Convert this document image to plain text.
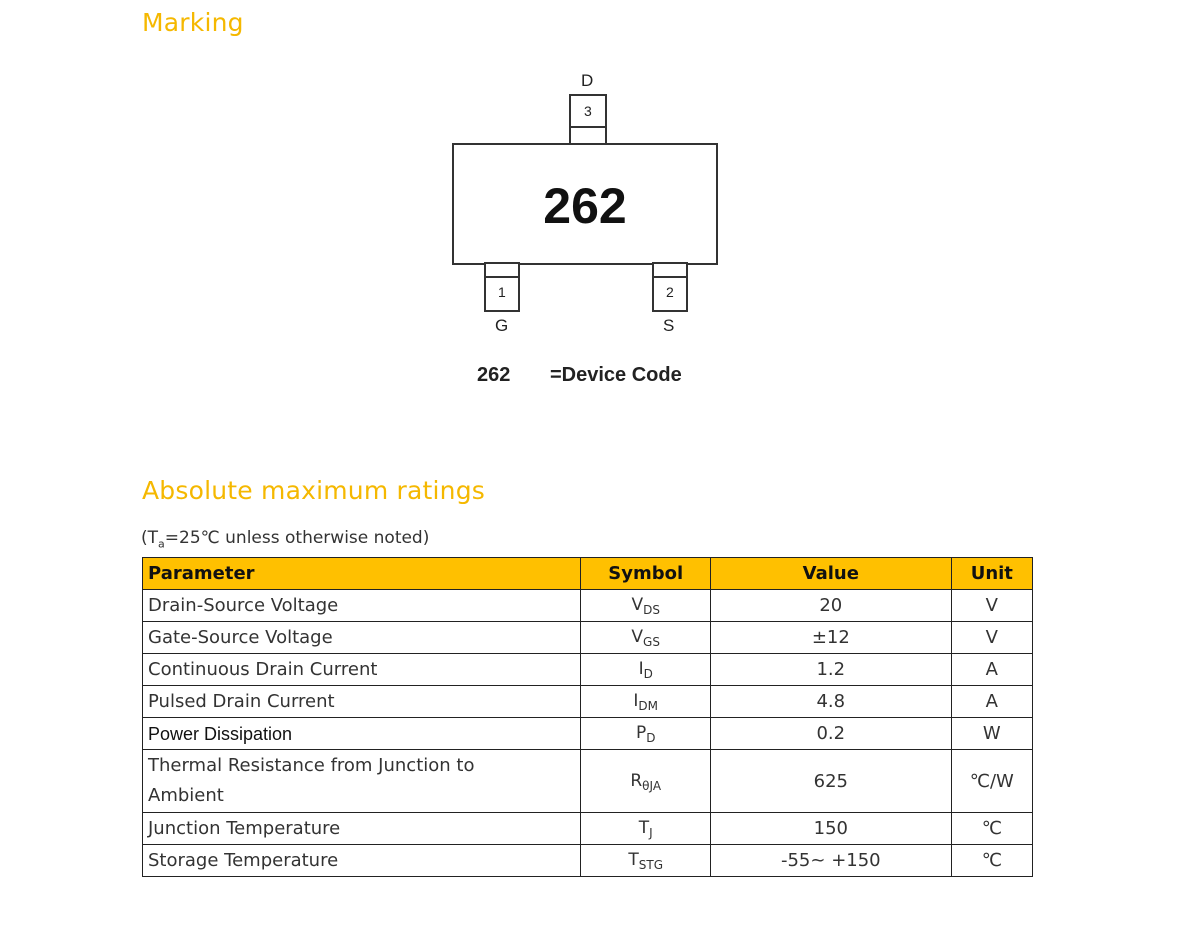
Marking
D
3
262
1
G
2
S
262 =Device Code
Absolute maximum ratings
($T_a=25℃$ unless otherwise noted)
Parameter	Symbol	Value	Unit
Drain-Source Voltage	$V_{DS}$	20	V
Gate-Source Voltage	$V_{GS}$	±12	V
Continuous Drain Current	$I_D$	1.2	A
Pulsed Drain Current	$I_{DM}$	4.8	A
Power Dissipation	$P_D$	0.2	W
Thermal Resistance from Junction to Ambient	$R_{\theta JA}$	625	℃/W
Junction Temperature	$T_J$	150	℃
Storage Temperature	$T_{STG}$	-55~ +150	℃
